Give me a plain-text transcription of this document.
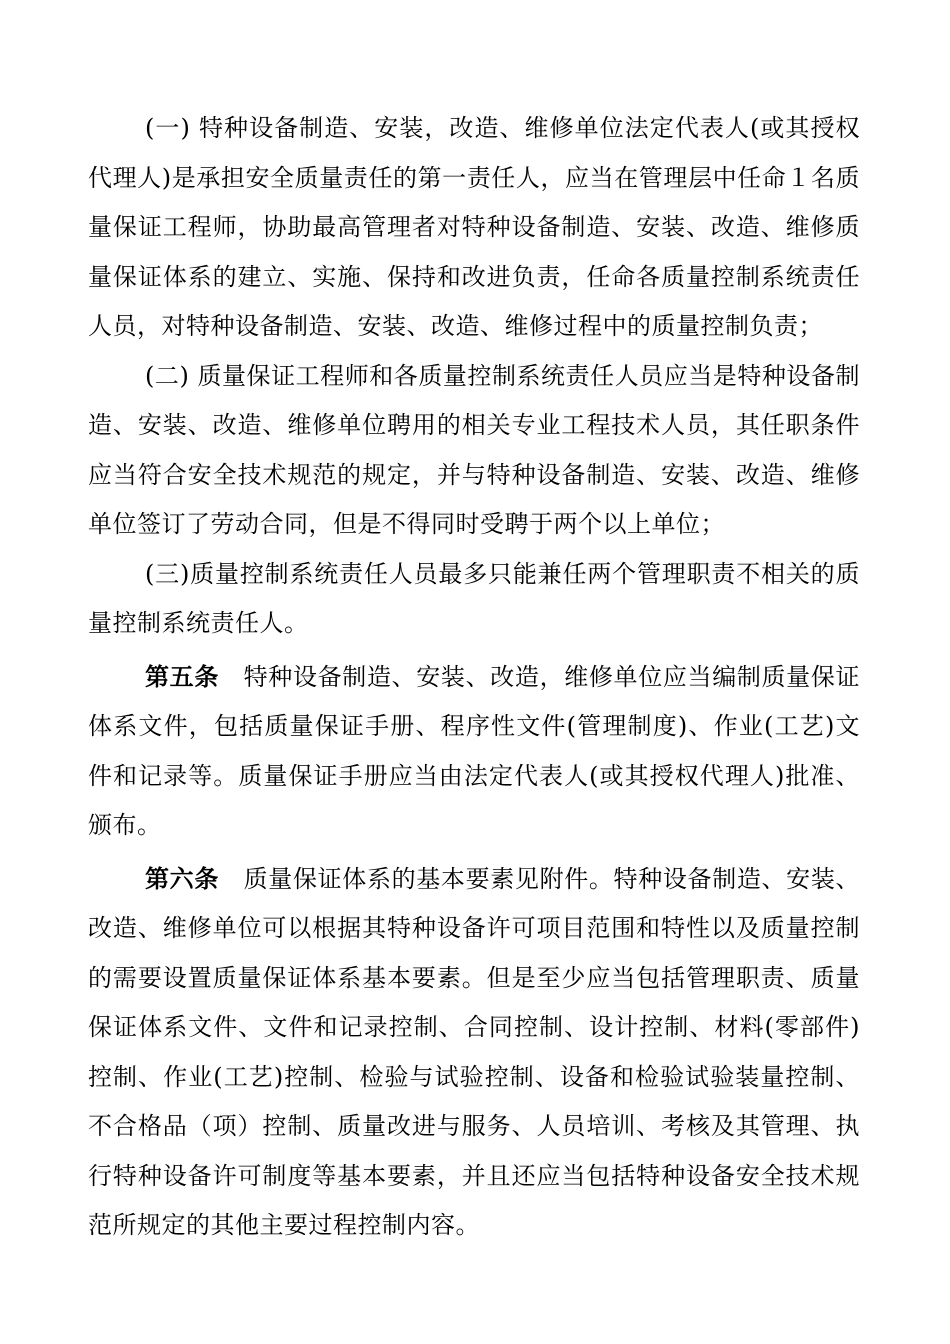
(一) 特种设备制造、安装，改造、维修单位法定代表人(或其授权代理人)是承担安全质量责任的第一责任人，应当在管理层中任命１名质量保证工程师，协助最高管理者对特种设备制造、安装、改造、维修质量保证体系的建立、实施、保持和改进负责，任命各质量控制系统责任人员，对特种设备制造、安装、改造、维修过程中的质量控制负责；

(二) 质量保证工程师和各质量控制系统责任人员应当是特种设备制造、安装、改造、维修单位聘用的相关专业工程技术人员，其任职条件应当符合安全技术规范的规定，并与特种设备制造、安装、改造、维修单位签订了劳动合同，但是不得同时受聘于两个以上单位；

(三)质量控制系统责任人员最多只能兼任两个管理职责不相关的质量控制系统责任人。

第五条　特种设备制造、安装、改造，维修单位应当编制质量保证体系文件，包括质量保证手册、程序性文件(管理制度)、作业(工艺)文件和记录等。质量保证手册应当由法定代表人(或其授权代理人)批准、颁布。

第六条　质量保证体系的基本要素见附件。特种设备制造、安装、改造、维修单位可以根据其特种设备许可项目范围和特性以及质量控制的需要设置质量保证体系基本要素。但是至少应当包括管理职责、质量保证体系文件、文件和记录控制、合同控制、设计控制、材料(零部件)控制、作业(工艺)控制、检验与试验控制、设备和检验试验装量控制、不合格品（项）控制、质量改进与服务、人员培训、考核及其管理、执行特种设备许可制度等基本要素，并且还应当包括特种设备安全技术规范所规定的其他主要过程控制内容。
